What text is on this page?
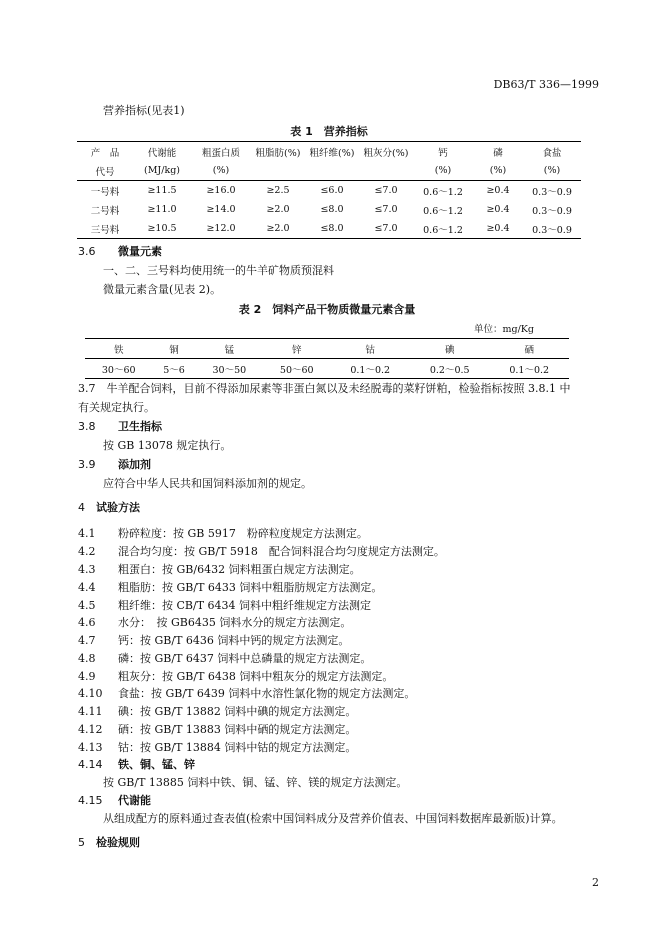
DB63/T 336—1999
营养指标(见表1)
表 1　营养指标
产　品	代谢能	粗蛋白质	粗脂肪(%)	粗纤维(%)	粗灰分(%)	钙	磷	食盐
代号	(MJ/kg)	(%)				(%)	(%)	(%)
一号料	≥11.5	≥16.0	≥2.5	≤6.0	≤7.0	0.6～1.2	≥0.4	0.3～0.9
二号料	≥11.0	≥14.0	≥2.0	≤8.0	≤7.0	0.6～1.2	≥0.4	0.3～0.9
三号料	≥10.5	≥12.0	≥2.0	≤8.0	≤7.0	0.6～1.2	≥0.4	0.3～0.9
3.6 微量元素
一、二、三号料均使用统一的牛羊矿物质预混料
微量元素含量(见表 2)。
表 2　饲料产品干物质微量元素含量
单位：mg/Kg
铁	铜	锰	锌	钴	碘	硒
30～60	5～6	30～50	50～60	0.1～0.2	0.2～0.5	0.1～0.2
3.7　牛羊配合饲料，目前不得添加尿素等非蛋白氮以及未经脱毒的菜籽饼粕，检验指标按照 3.8.1 中
有关规定执行。
3.8 卫生指标
按 GB 13078 规定执行。
3.9 添加剂
应符合中华人民共和国饲料添加剂的规定。
4 试验方法
4.1 粉碎粒度：按 GB 5917　粉碎粒度规定方法测定。
4.2 混合均匀度：按 GB/T 5918　配合饲料混合均匀度规定方法测定。
4.3 粗蛋白：按 GB/6432 饲料粗蛋白规定方法测定。
4.4 粗脂肪：按 GB/T 6433 饲料中粗脂肪规定方法测定。
4.5 粗纤维：按 CB/T 6434 饲料中粗纤维规定方法测定
4.6 水分：　按 GB6435 饲料水分的规定方法测定。
4.7 钙：按 GB/T 6436 饲料中钙的规定方法测定。
4.8 磷：按 GB/T 6437 饲料中总磷量的规定方法测定。
4.9 粗灰分：按 GB/T 6438 饲料中粗灰分的规定方法测定。
4.10 食盐：按 GB/T 6439 饲料中水溶性氯化物的规定方法测定。
4.11 碘：按 GB/T 13882 饲料中碘的规定方法测定。
4.12 硒：按 GB/T 13883 饲料中硒的规定方法测定。
4.13 钴：按 GB/T 13884 饲料中钴的规定方法测定。
4.14 铁、铜、锰、锌
按 GB/T 13885 饲料中铁、铜、锰、锌、镁的规定方法测定。
4.15 代谢能
从组成配方的原料通过查表值(检索中国饲料成分及营养价值表、中国饲料数据库最新版)计算。
5 检验规则
2
